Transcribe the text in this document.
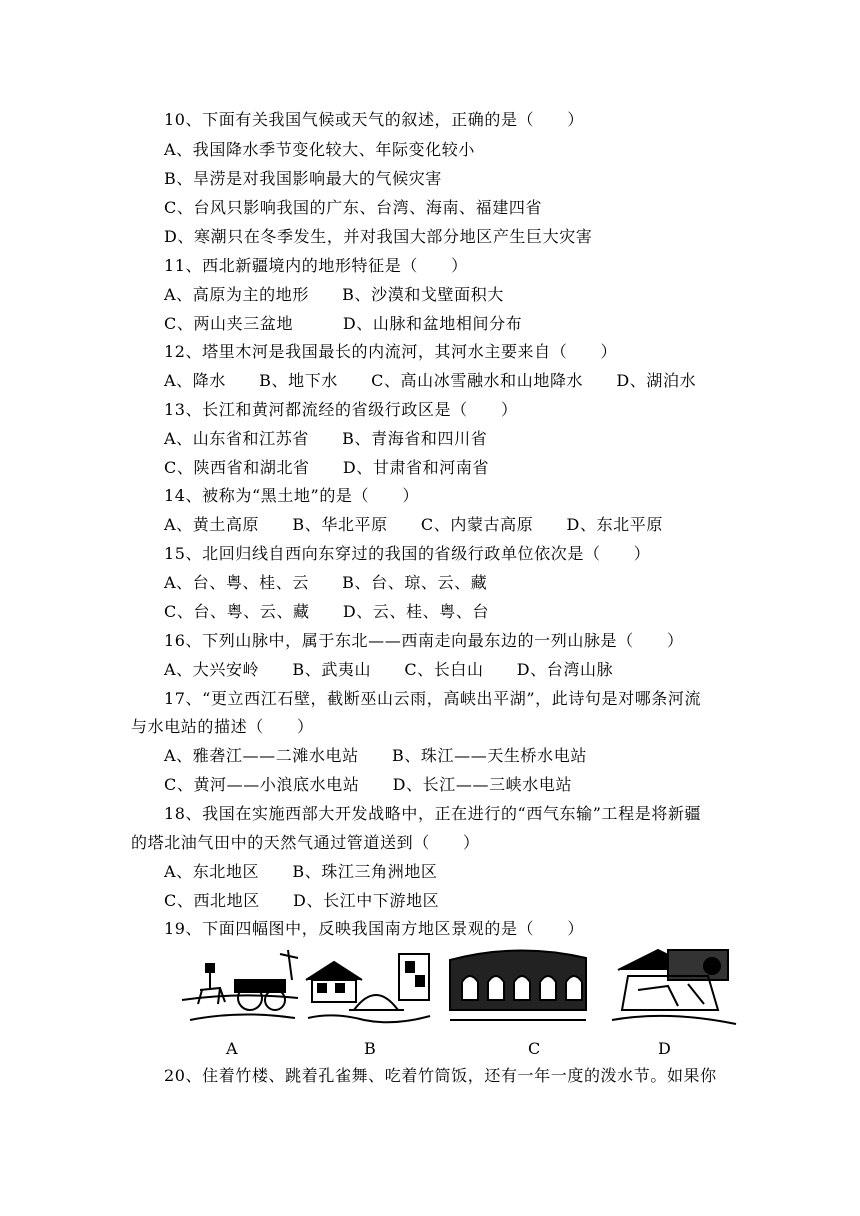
10、下面有关我国气候或天气的叙述，正确的是（　　）
A、我国降水季节变化较大、年际变化较小
B、旱涝是对我国影响最大的气候灾害
C、台风只影响我国的广东、台湾、海南、福建四省
D、寒潮只在冬季发生，并对我国大部分地区产生巨大灾害
11、西北新疆境内的地形特征是（　　）
A、高原为主的地形　　B、沙漠和戈壁面积大
C、两山夹三盆地　　　D、山脉和盆地相间分布
12、塔里木河是我国最长的内流河，其河水主要来自（　　）
A、降水　　B、地下水　　C、高山冰雪融水和山地降水　　D、湖泊水
13、长江和黄河都流经的省级行政区是（　　）
A、山东省和江苏省　　B、青海省和四川省
C、陕西省和湖北省　　D、甘肃省和河南省
14、被称为“黑土地”的是（　　）
A、黄土高原　　B、华北平原　　C、内蒙古高原　　D、东北平原
15、北回归线自西向东穿过的我国的省级行政单位依次是（　　）
A、台、粤、桂、云　　B、台、琼、云、藏
C、台、粤、云、藏　　D、云、桂、粤、台
16、下列山脉中，属于东北——西南走向最东边的一列山脉是（　　）
A、大兴安岭　　B、武夷山　　C、长白山　　D、台湾山脉
17、“更立西江石壁，截断巫山云雨，高峡出平湖”，此诗句是对哪条河流
与水电站的描述（　　）
A、雅砻江——二滩水电站　　B、珠江——天生桥水电站
C、黄河——小浪底水电站　　D、长江——三峡水电站
18、我国在实施西部大开发战略中，正在进行的“西气东输”工程是将新疆
的塔北油气田中的天然气通过管道送到（　　）
A、东北地区　　B、珠江三角洲地区
C、西北地区　　D、长江中下游地区
19、下面四幅图中，反映我国南方地区景观的是（　　）
A	B	C	D
20、住着竹楼、跳着孔雀舞、吃着竹筒饭，还有一年一度的泼水节。如果你
